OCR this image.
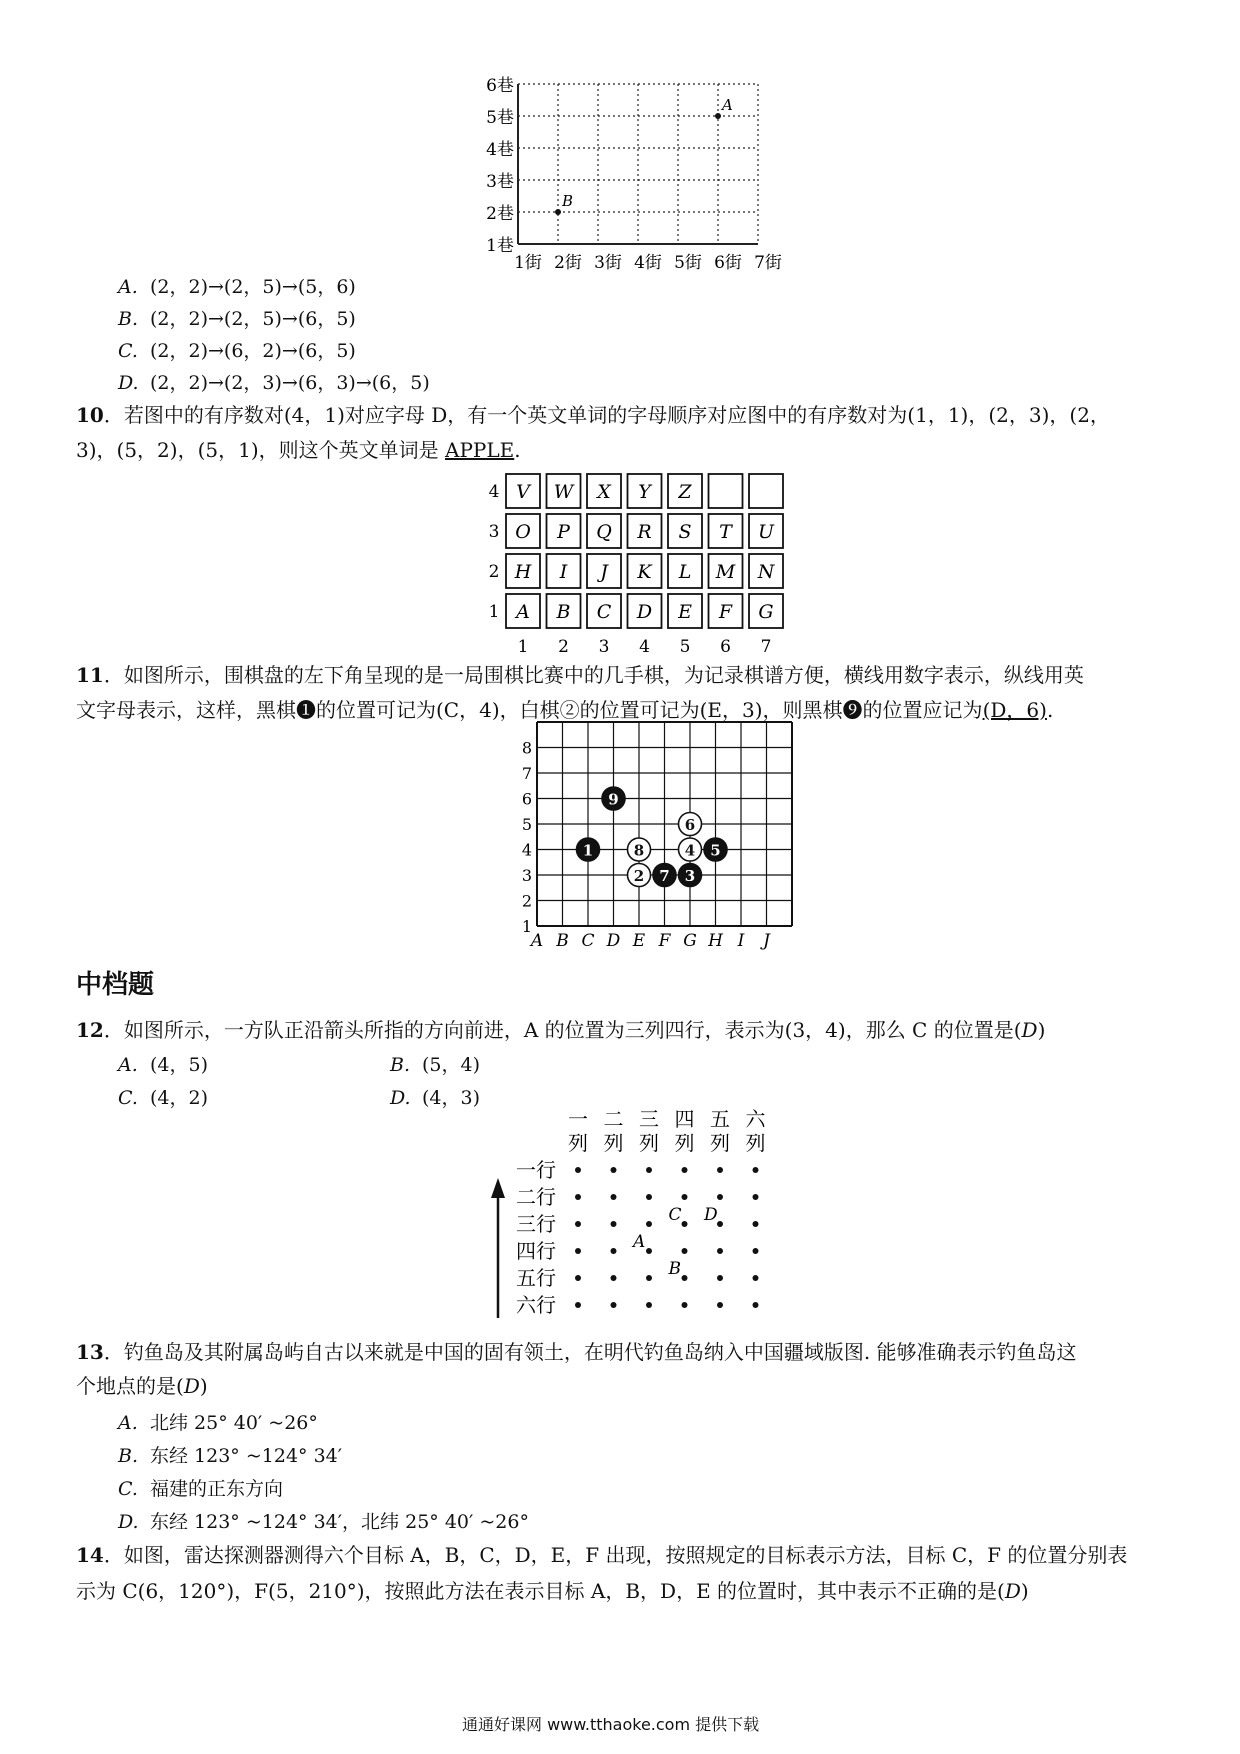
6巷
5巷
4巷
3巷
2巷
1巷
1街 2街 3街 4街 5街 6街 7街
A
B
A. (2，2)→(2，5)→(5，6)
B. (2，2)→(2，5)→(6，5)
C. (2，2)→(6，2)→(6，5)
D. (2，2)→(2，3)→(6，3)→(6，5)
10．若图中的有序数对(4，1)对应字母 D，有一个英文单词的字母顺序对应图中的有序数对为(1，1)，(2，3)，(2，
3)，(5，2)，(5，1)，则这个英文单词是 APPLE.
4 V W X Y Z
3 O P Q R S T U
2 H I J K L M N
1 A B C D E F G
1 2 3 4 5 6 7
11．如图所示，围棋盘的左下角呈现的是一局围棋比赛中的几手棋，为记录棋谱方便，横线用数字表示，纵线用英
文字母表示，这样，黑棋❶的位置可记为(C，4)，白棋②的位置可记为(E，3)，则黑棋❾的位置应记为(D，6).
8
7
6
5
4
3
2
1
A B C D E F G H I J
1
2	3
4 5
6
7
8
9
中档题
12．如图所示，一方队正沿箭头所指的方向前进，A 的位置为三列四行，表示为(3，4)，那么 C 的位置是(D)
A. (4，5)	B. (5，4)
C. (4，2)	D. (4，3)
一
列
二
列
三
列
四
列
五
列
六
列
一行
二行
三行
四行
五行
六行
A
B
C D
13．钓鱼岛及其附属岛屿自古以来就是中国的固有领土，在明代钓鱼岛纳入中国疆域版图. 能够准确表示钓鱼岛这
个地点的是(D)
A. 北纬 25° 40′ ~26°
B. 东经 123° ~124° 34′
C. 福建的正东方向
D. 东经 123° ~124° 34′，北纬 25° 40′ ~26°
14．如图，雷达探测器测得六个目标 A，B，C，D，E，F 出现，按照规定的目标表示方法，目标 C，F 的位置分别表
示为 C(6，120°)，F(5，210°)，按照此方法在表示目标 A，B，D，E 的位置时，其中表示不正确的是(D)
通通好课网 www.tthaoke.com 提供下载
